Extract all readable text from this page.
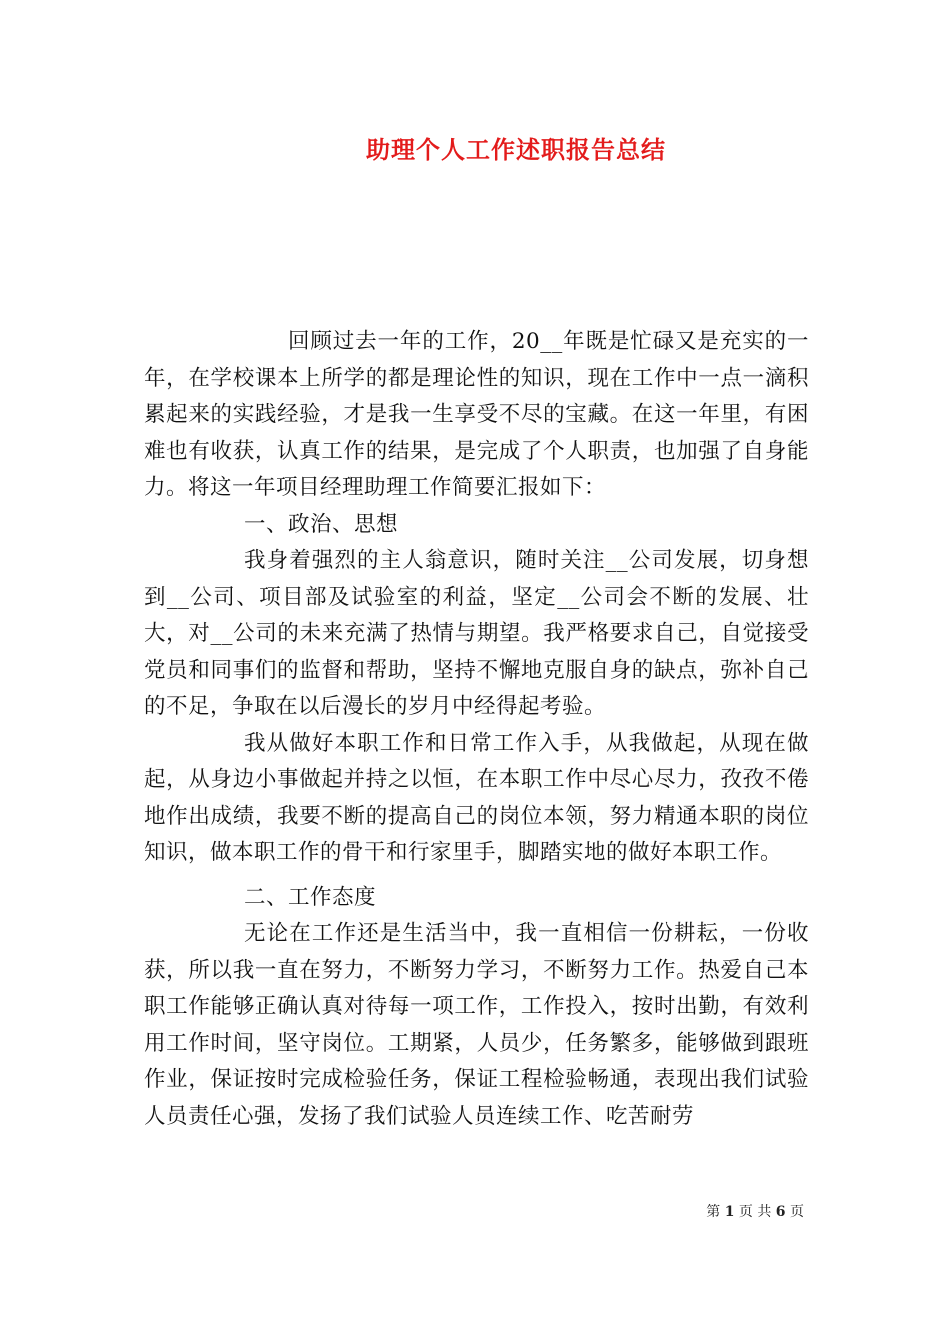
助理个人工作述职报告总结

回顾过去一年的工作，20__年既是忙碌又是充实的一年，在学校课本上所学的都是理论性的知识，现在工作中一点一滴积累起来的实践经验，才是我一生享受不尽的宝藏。在这一年里，有困难也有收获，认真工作的结果，是完成了个人职责，也加强了自身能力。将这一年项目经理助理工作简要汇报如下：

一、政治、思想

我身着强烈的主人翁意识，随时关注__公司发展，切身想到__公司、项目部及试验室的利益，坚定__公司会不断的发展、壮大，对__公司的未来充满了热情与期望。我严格要求自己，自觉接受党员和同事们的监督和帮助，坚持不懈地克服自身的缺点，弥补自己的不足，争取在以后漫长的岁月中经得起考验。

我从做好本职工作和日常工作入手，从我做起，从现在做起，从身边小事做起并持之以恒，在本职工作中尽心尽力，孜孜不倦地作出成绩，我要不断的提高自己的岗位本领，努力精通本职的岗位知识，做本职工作的骨干和行家里手，脚踏实地的做好本职工作。

二、工作态度

无论在工作还是生活当中，我一直相信一份耕耘，一份收获，所以我一直在努力，不断努力学习，不断努力工作。热爱自己本职工作能够正确认真对待每一项工作，工作投入，按时出勤，有效利用工作时间，坚守岗位。工期紧，人员少，任务繁多，能够做到跟班作业，保证按时完成检验任务，保证工程检验畅通，表现出我们试验人员责任心强，发扬了我们试验人员连续工作、吃苦耐劳

第 1 页 共 6 页
